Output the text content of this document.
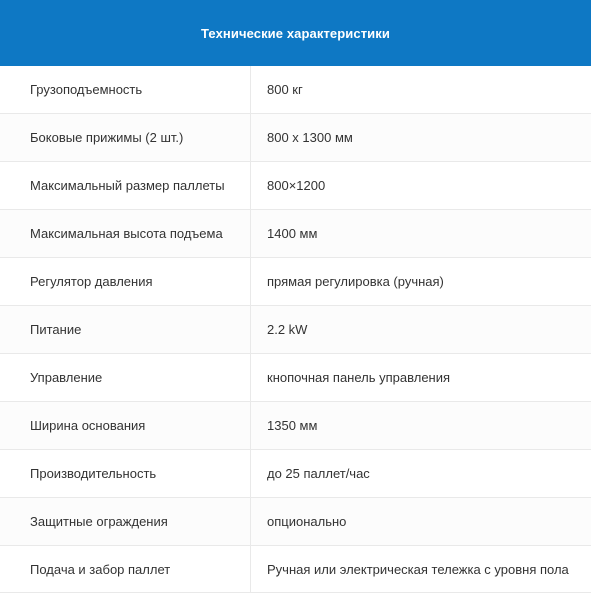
Технические характеристики
Грузоподъемность	800 кг
Боковые прижимы (2 шт.)	800 x 1300 мм
Максимальный размер паллеты	800×1200
Максимальная высота подъема	1400 мм
Регулятор давления	прямая регулировка (ручная)
Питание	2.2 kW
Управление	кнопочная панель управления
Ширина основания	1350 мм
Производительность	до 25 паллет/час
Защитные ограждения	опционально
Подача и забор паллет	Ручная или электрическая тележка с уровня пола
